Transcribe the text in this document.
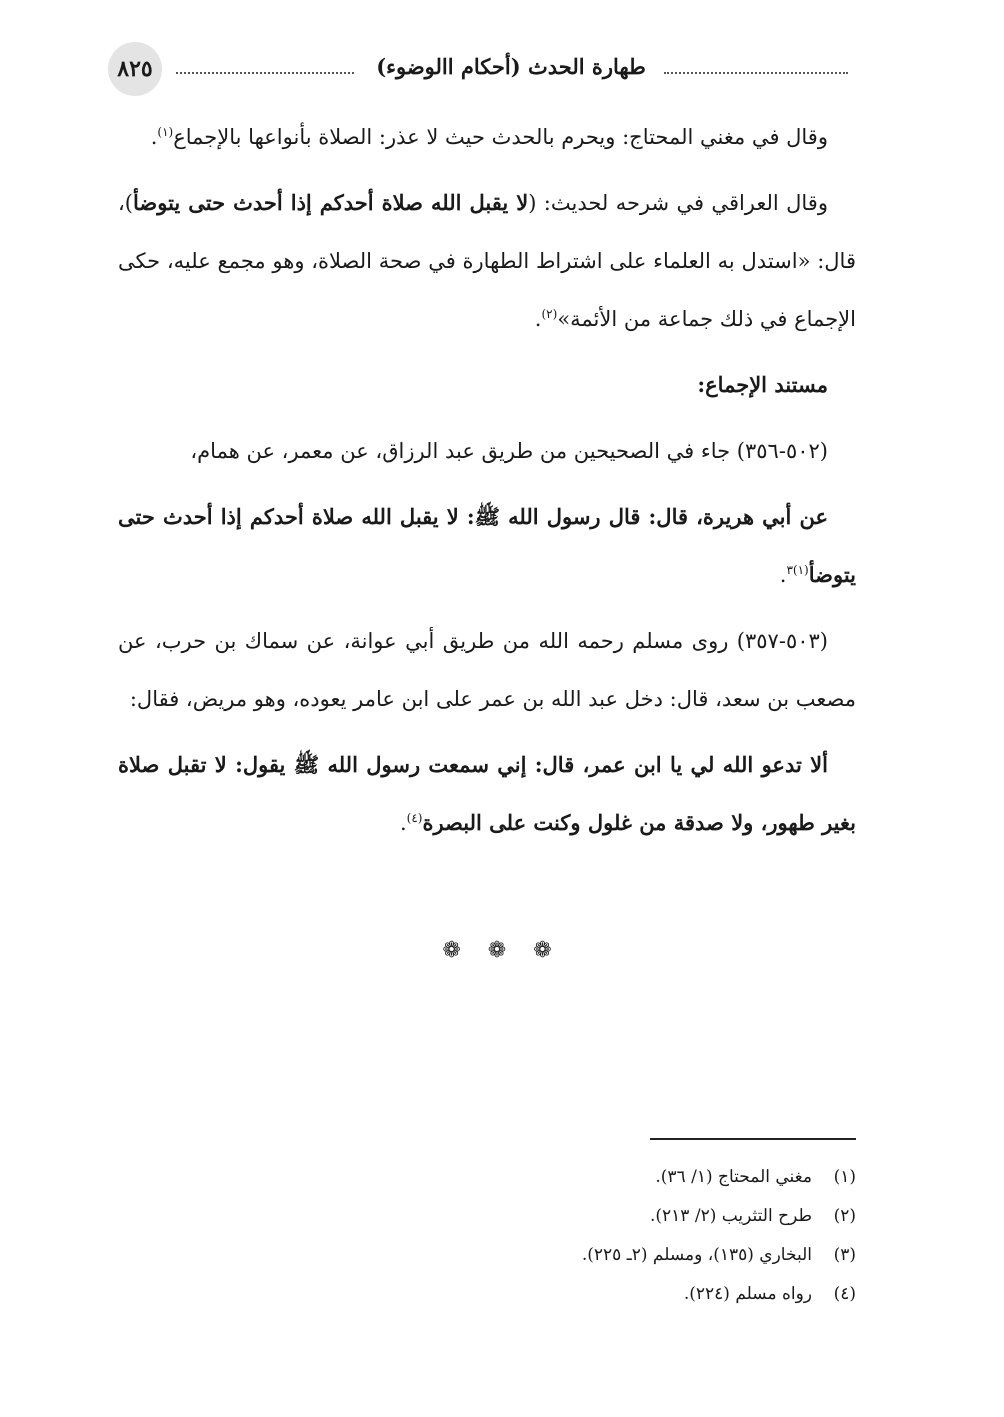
٨٢٥	طهارة الحدث (أحكام االوضوء)

وقال في مغني المحتاج: ويحرم بالحدث حيث لا عذر: الصلاة بأنواعها بالإجماع$^{(١)}$.

وقال العراقي في شرحه لحديث: (لا يقبل الله صلاة أحدكم إذا أحدث حتى يتوضأ)، قال: «استدل به العلماء على اشتراط الطهارة في صحة الصلاة، وهو مجمع عليه، حكى الإجماع في ذلك جماعة من الأئمة»$^{(٢)}$.

مستند الإجماع:

(٥٠٢-٣٥٦) جاء في الصحيحين من طريق عبد الرزاق، عن معمر، عن همام،

عن أبي هريرة، قال: قال رسول الله ﷺ: لا يقبل الله صلاة أحدكم إذا أحدث حتى يتوضأ$^{(١)٣}$.

(٥٠٣-٣٥٧) روى مسلم رحمه الله من طريق أبي عوانة، عن سماك بن حرب، عن مصعب بن سعد، قال: دخل عبد الله بن عمر على ابن عامر يعوده، وهو مريض، فقال:

ألا تدعو الله لي يا ابن عمر، قال: إني سمعت رسول الله ﷺ يقول: لا تقبل صلاة بغير طهور، ولا صدقة من غلول وكنت على البصرة$^{(٤)}$.

❁ ❁ ❁
(١)مغني المحتاج (١/ ٣٦).
(٢)طرح التثريب (٢/ ٢١٣).
(٣)البخاري (١٣٥)، ومسلم (٢ـ ٢٢٥).
(٤)رواه مسلم (٢٢٤).
